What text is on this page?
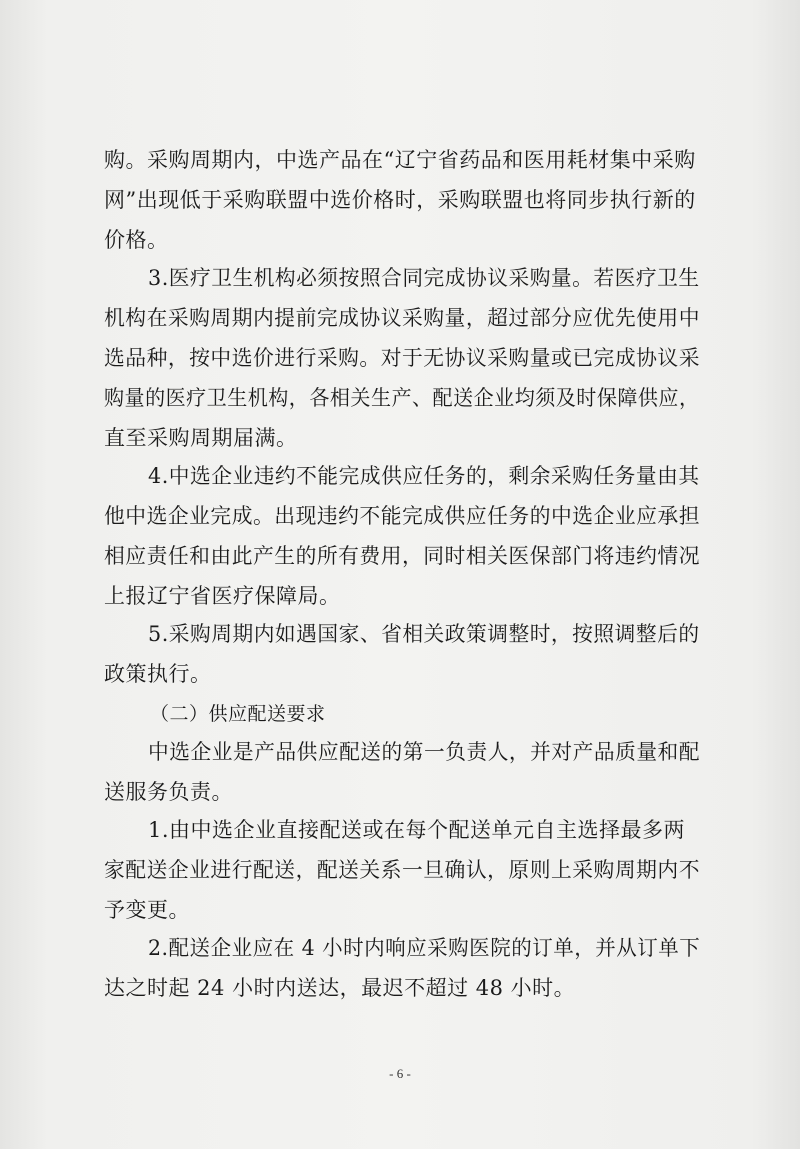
购。采购周期内，中选产品在“辽宁省药品和医用耗材集中采购
网”出现低于采购联盟中选价格时，采购联盟也将同步执行新的
价格。
3.医疗卫生机构必须按照合同完成协议采购量。若医疗卫生
机构在采购周期内提前完成协议采购量，超过部分应优先使用中
选品种，按中选价进行采购。对于无协议采购量或已完成协议采
购量的医疗卫生机构，各相关生产、配送企业均须及时保障供应，
直至采购周期届满。
4.中选企业违约不能完成供应任务的，剩余采购任务量由其
他中选企业完成。出现违约不能完成供应任务的中选企业应承担
相应责任和由此产生的所有费用，同时相关医保部门将违约情况
上报辽宁省医疗保障局。
5.采购周期内如遇国家、省相关政策调整时，按照调整后的
政策执行。
（二）供应配送要求
中选企业是产品供应配送的第一负责人，并对产品质量和配
送服务负责。
1.由中选企业直接配送或在每个配送单元自主选择最多两
家配送企业进行配送，配送关系一旦确认，原则上采购周期内不
予变更。
2.配送企业应在 4 小时内响应采购医院的订单，并从订单下
达之时起 24 小时内送达，最迟不超过 48 小时。
- 6 -
